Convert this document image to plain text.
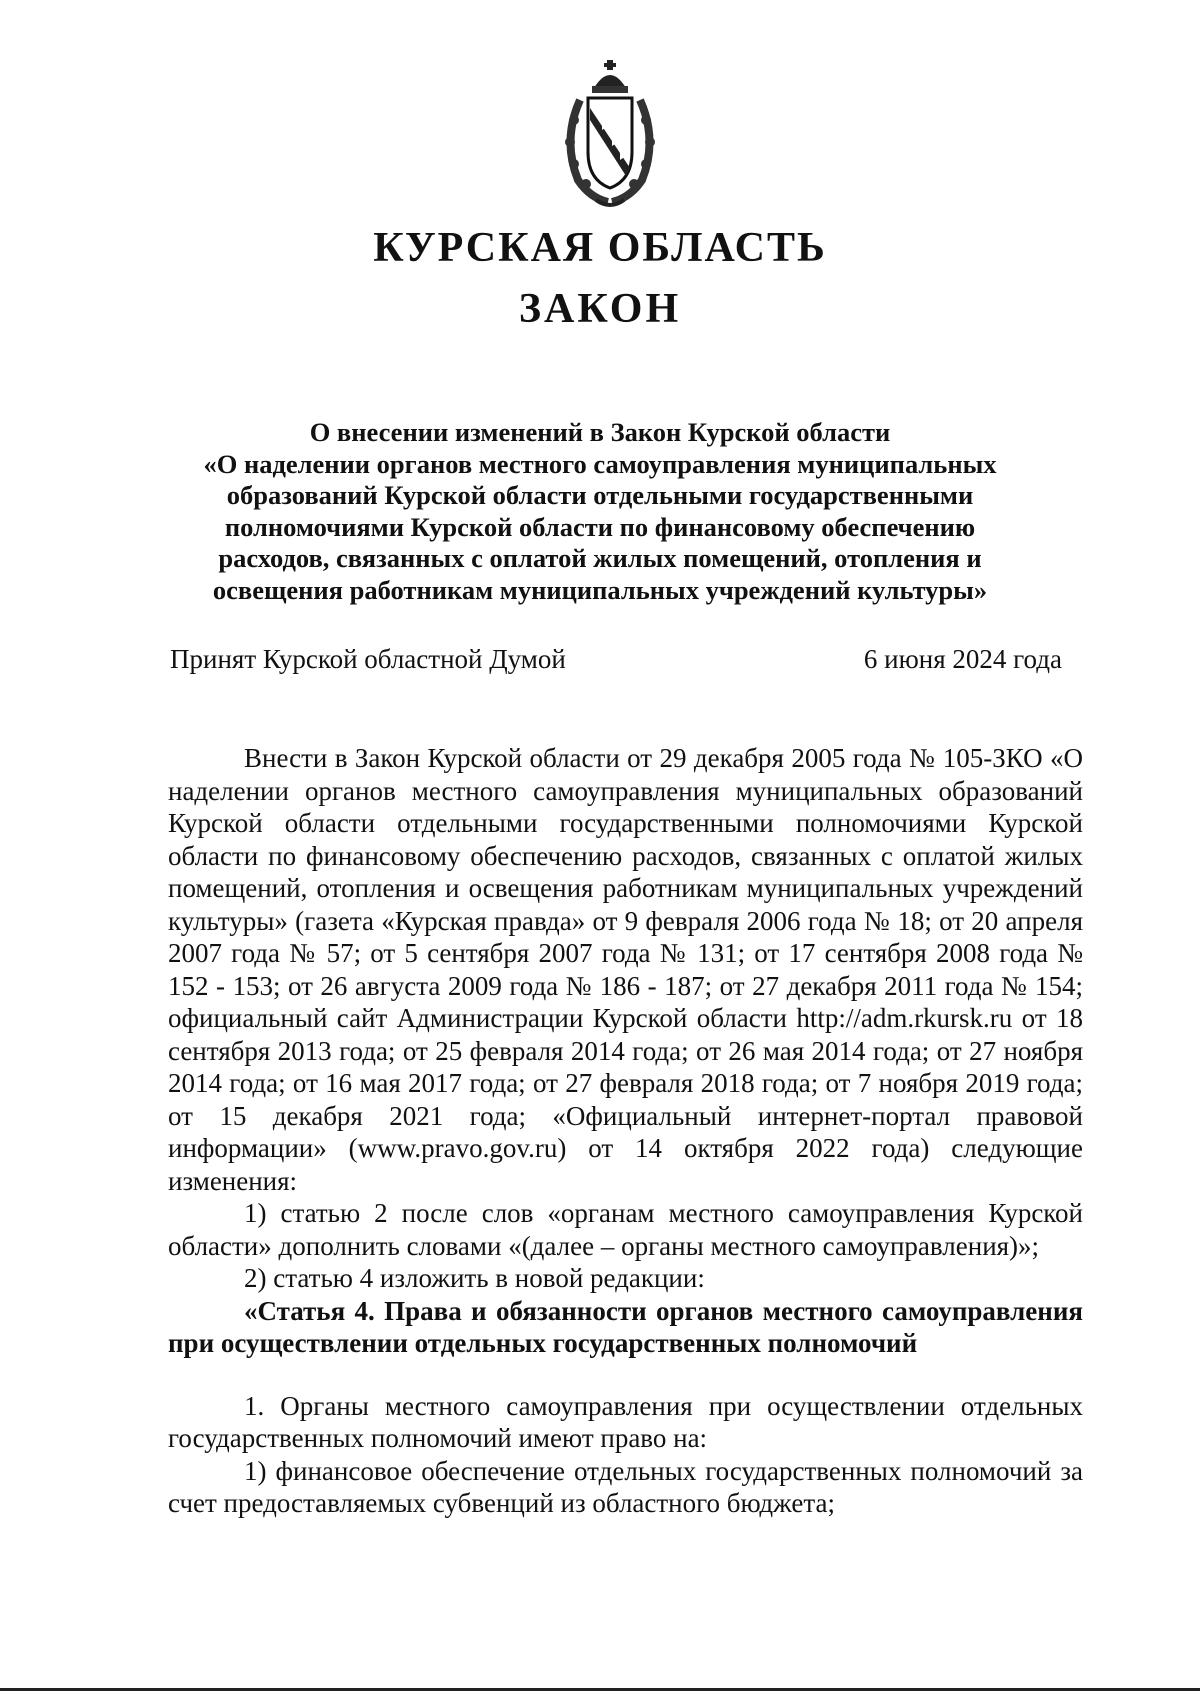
КУРСКАЯ ОБЛАСТЬ
ЗАКОН
О внесении изменений в Закон Курской области
«О наделении органов местного самоуправления муниципальных
образований Курской области отдельными государственными
полномочиями Курской области по финансовому обеспечению
расходов, связанных с оплатой жилых помещений, отопления и
освещения работникам муниципальных учреждений культуры»
Принят Курской областной Думой	6 июня 2024 года

Внести в Закон Курской области от 29 декабря 2005 года № 105-ЗКО «О наделении органов местного самоуправления муниципальных образований Курской области отдельными государственными полномочиями Курской области по финансовому обеспечению расходов, связанных с оплатой жилых помещений, отопления и освещения работникам муниципальных учреждений культуры» (газета «Курская правда» от 9 февраля 2006 года № 18; от 20 апреля 2007 года № 57; от 5 сентября 2007 года № 131; от 17 сентября 2008 года № 152 - 153; от 26 августа 2009 года № 186 - 187; от 27 декабря 2011 года № 154; официальный сайт Администрации Курской области http://adm.rkursk.ru от 18 сентября 2013 года; от 25 февраля 2014 года; от 26 мая 2014 года; от 27 ноября 2014 года; от 16 мая 2017 года; от 27 февраля 2018 года; от 7 ноября 2019 года; от 15 декабря 2021 года; «Официальный интернет-портал правовой информации» (www.pravo.gov.ru) от 14 октября 2022 года) следующие изменения:

1) статью 2 после слов «органам местного самоуправления Курской области» дополнить словами «(далее – органы местного самоуправления)»;

2) статью 4 изложить в новой редакции:

«Статья 4. Права и обязанности органов местного самоуправления при осуществлении отдельных государственных полномочий

1. Органы местного самоуправления при осуществлении отдельных государственных полномочий имеют право на:

1) финансовое обеспечение отдельных государственных полномочий за счет предоставляемых субвенций из областного бюджета;
